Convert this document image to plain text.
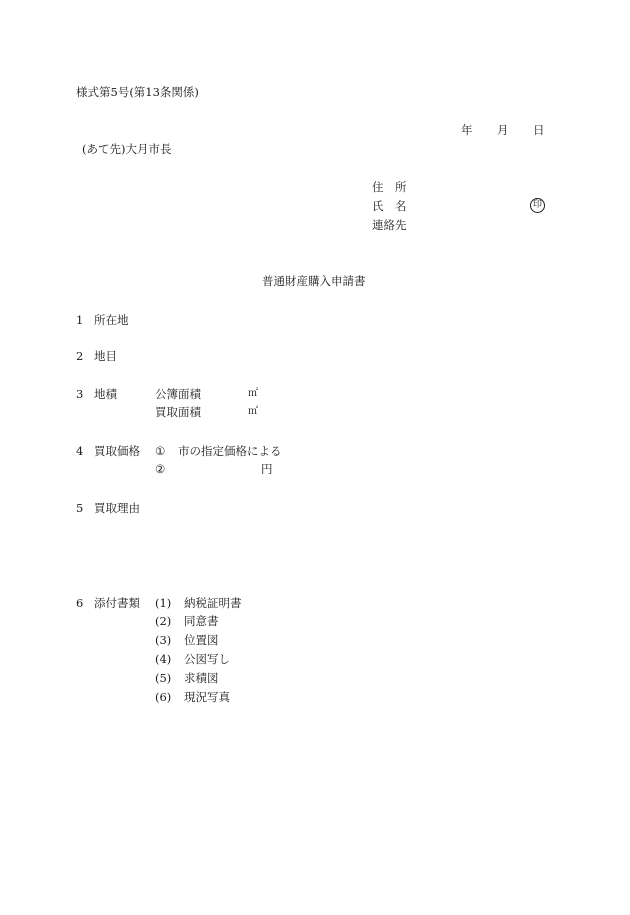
様式第5号(第13条関係)
年 月 日
(あて先)大月市長
住　所
氏　名	印
連絡先
普通財産購入申請書
1 所在地
2 地目
3 地積	公簿面積	㎡
買取面積	㎡
4 買取価格 ① 市の指定価格による
②	円
5 買取理由
6 添付書類 (1) 納税証明書
(2) 同意書
(3) 位置図
(4) 公図写し
(5) 求積図
(6) 現況写真
